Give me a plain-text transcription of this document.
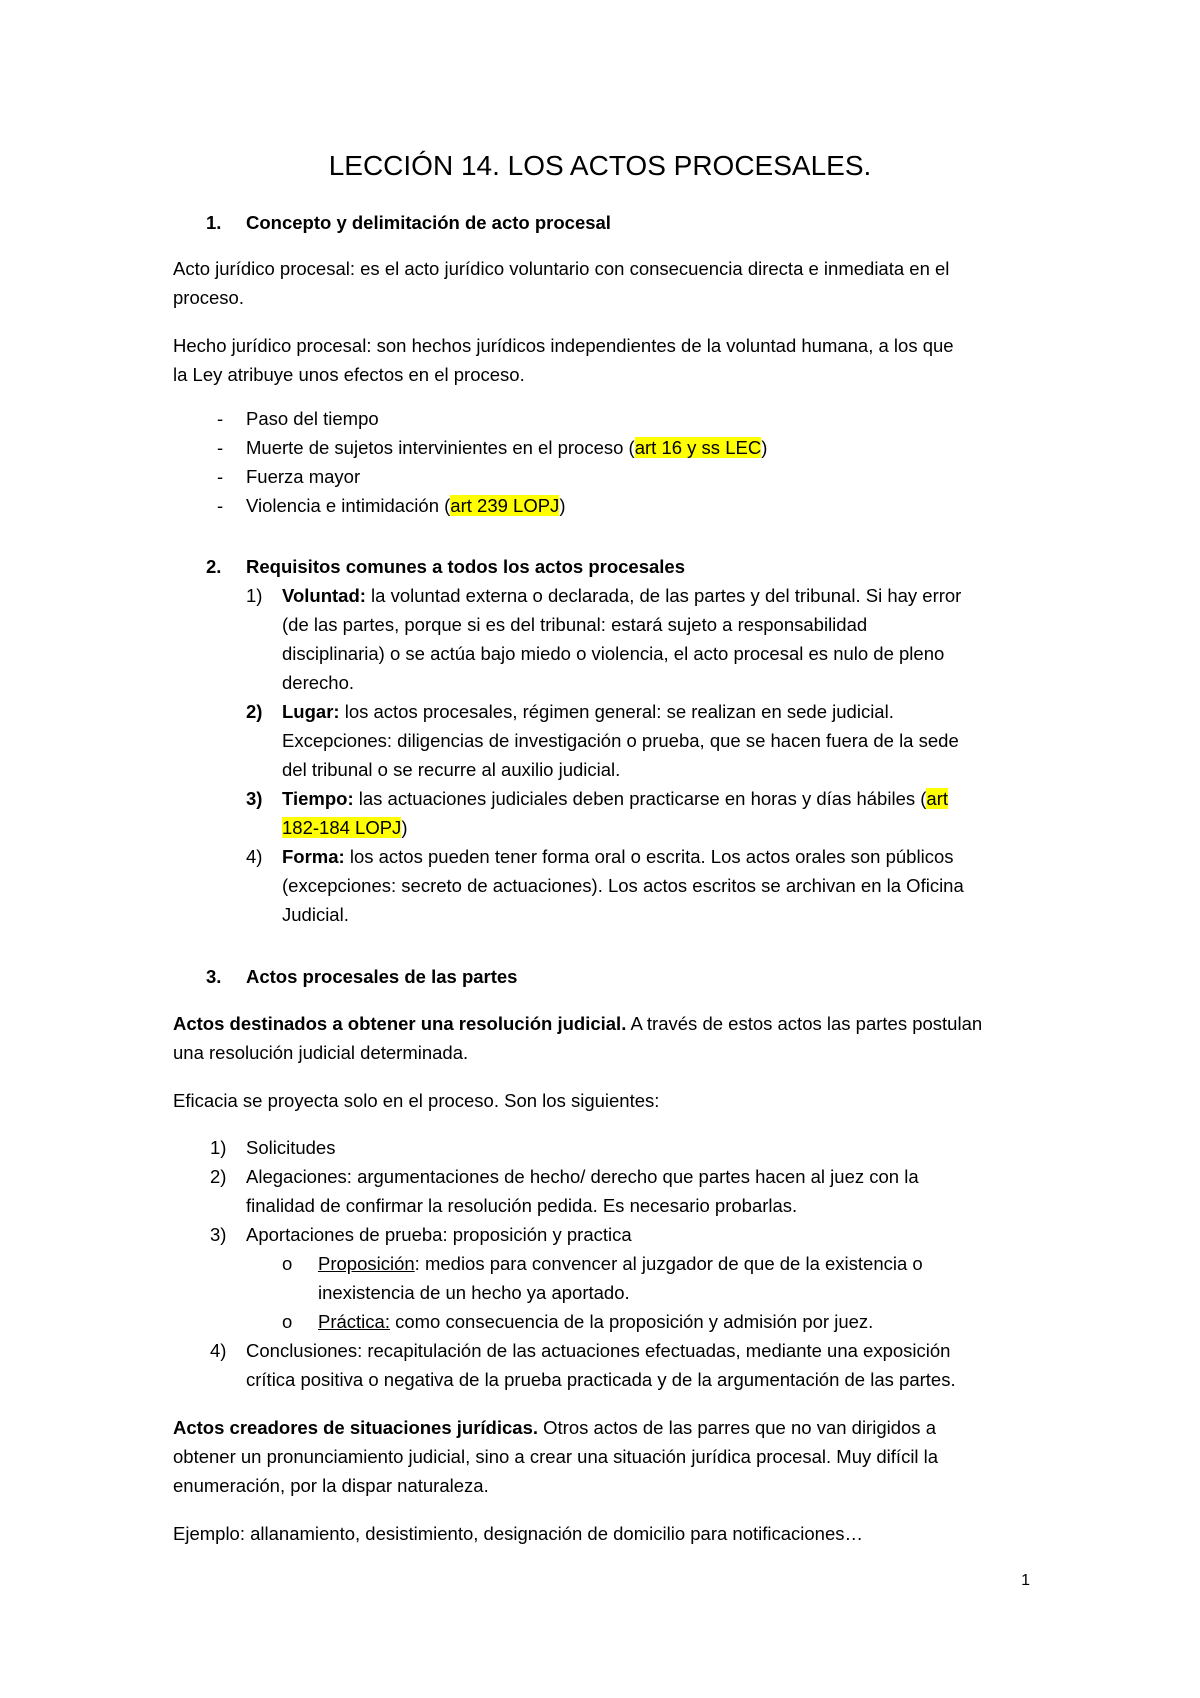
LECCIÓN 14. LOS ACTOS PROCESALES.
1. Concepto y delimitación de acto procesal
Acto jurídico procesal: es el acto jurídico voluntario con consecuencia directa e inmediata en el
proceso.
Hecho jurídico procesal: son hechos jurídicos independientes de la voluntad humana, a los que
la Ley atribuye unos efectos en el proceso.
- Paso del tiempo
- Muerte de sujetos intervinientes en el proceso (art 16 y ss LEC)
- Fuerza mayor
- Violencia e intimidación (art 239 LOPJ)
2. Requisitos comunes a todos los actos procesales
1) Voluntad: la voluntad externa o declarada, de las partes y del tribunal. Si hay error
(de las partes, porque si es del tribunal: estará sujeto a responsabilidad
disciplinaria) o se actúa bajo miedo o violencia, el acto procesal es nulo de pleno
derecho.
2) Lugar: los actos procesales, régimen general: se realizan en sede judicial.
Excepciones: diligencias de investigación o prueba, que se hacen fuera de la sede
del tribunal o se recurre al auxilio judicial.
3) Tiempo: las actuaciones judiciales deben practicarse en horas y días hábiles (art
182-184 LOPJ)
4) Forma: los actos pueden tener forma oral o escrita. Los actos orales son públicos
(excepciones: secreto de actuaciones). Los actos escritos se archivan en la Oficina
Judicial.
3. Actos procesales de las partes
Actos destinados a obtener una resolución judicial. A través de estos actos las partes postulan
una resolución judicial determinada.
Eficacia se proyecta solo en el proceso. Son los siguientes:
1) Solicitudes
2) Alegaciones: argumentaciones de hecho/ derecho que partes hacen al juez con la
finalidad de confirmar la resolución pedida. Es necesario probarlas.
3) Aportaciones de prueba: proposición y practica
o Proposición: medios para convencer al juzgador de que de la existencia o
inexistencia de un hecho ya aportado.
o Práctica: como consecuencia de la proposición y admisión por juez.
4) Conclusiones: recapitulación de las actuaciones efectuadas, mediante una exposición
crítica positiva o negativa de la prueba practicada y de la argumentación de las partes.
Actos creadores de situaciones jurídicas. Otros actos de las parres que no van dirigidos a
obtener un pronunciamiento judicial, sino a crear una situación jurídica procesal. Muy difícil la
enumeración, por la dispar naturaleza.
Ejemplo: allanamiento, desistimiento, designación de domicilio para notificaciones…
1
